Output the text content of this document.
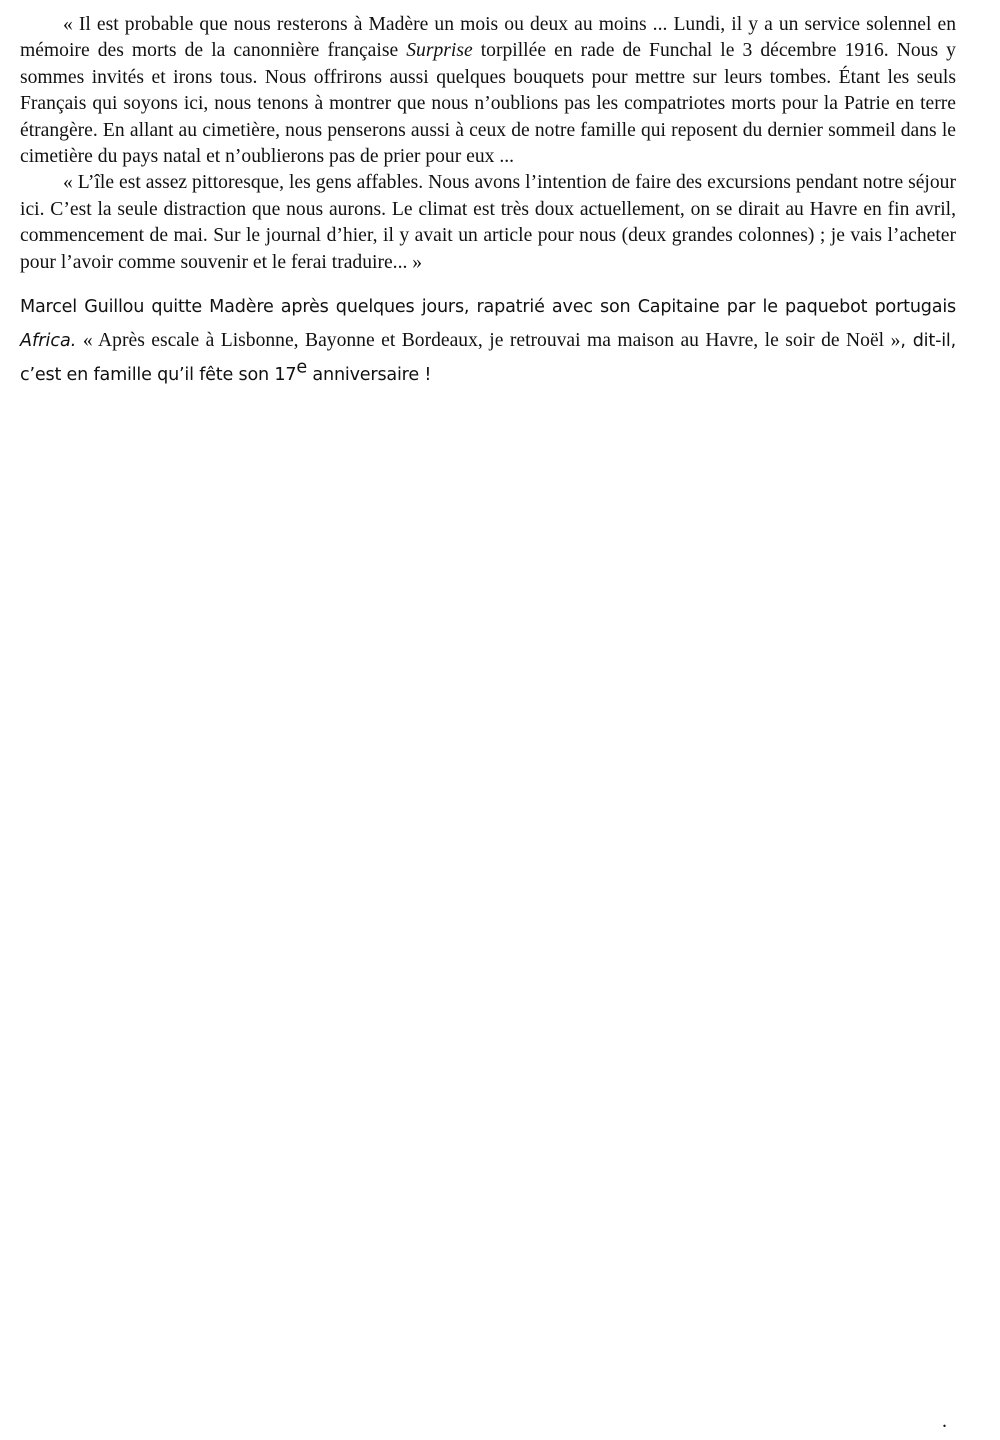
« Il est probable que nous resterons à Madère un mois ou deux au moins ... Lundi, il y a un service solennel en mémoire des morts de la canonnière française Surprise torpillée en rade de Funchal le 3 décembre 1916. Nous y sommes invités et irons tous. Nous offrirons aussi quelques bouquets pour mettre sur leurs tombes. Étant les seuls Français qui soyons ici, nous tenons à montrer que nous n’oublions pas les compatriotes morts pour la Patrie en terre étrangère. En allant au cimetière, nous penserons aussi à ceux de notre famille qui reposent du dernier sommeil dans le cimetière du pays natal et n’oublierons pas de prier pour eux ...

« L’île est assez pittoresque, les gens affables. Nous avons l’intention de faire des excursions pendant notre séjour ici. C’est la seule distraction que nous aurons. Le climat est très doux actuellement, on se dirait au Havre en fin avril, commencement de mai. Sur le journal d’hier, il y avait un article pour nous (deux grandes colonnes) ; je vais l’acheter pour l’avoir comme souvenir et le ferai traduire... »

Marcel Guillou quitte Madère après quelques jours, rapatrié avec son Capitaine par le paquebot portugais Africa. « Après escale à Lisbonne, Bayonne et Bordeaux, je retrouvai ma maison au Havre, le soir de Noël », dit-il, c’est en famille qu’il fête son 17e anniversaire !

.
